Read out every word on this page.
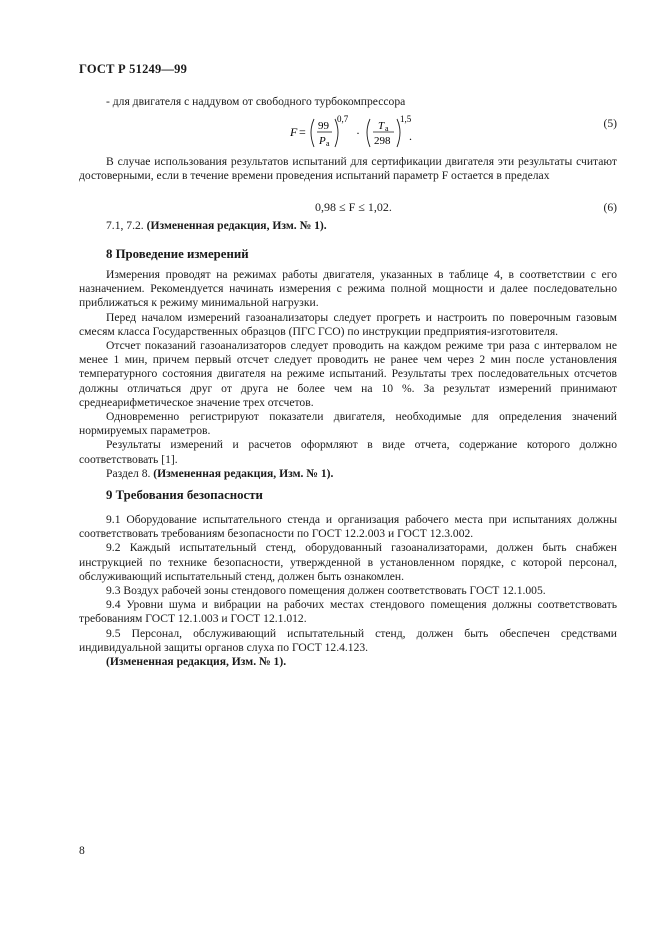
ГОСТ Р 51249—99

- для двигателя с наддувом от свободного турбокомпрессора

F = 99
P a
0,7
· T a
298
1,5
.
(5)

В случае использования результатов испытаний для сертификации двигателя эти результаты считают достоверными, если в течение времени проведения испытаний параметр F остается в пределах

0,98 ≤ F ≤ 1,02.	(6)

7.1, 7.2. (Измененная редакция, Изм. № 1).

8 Проведение измерений

Измерения проводят на режимах работы двигателя, указанных в таблице 4, в соответствии с его назначением. Рекомендуется начинать измерения с режима полной мощности и далее последовательно приближаться к режиму минимальной нагрузки.

Перед началом измерений газоанализаторы следует прогреть и настроить по поверочным газовым смесям класса Государственных образцов (ПГС ГСО) по инструкции предприятия-изготовителя.

Отсчет показаний газоанализаторов следует проводить на каждом режиме три раза с интервалом не менее 1 мин, причем первый отсчет следует проводить не ранее чем через 2 мин после установления температурного состояния двигателя на режиме испытаний. Результаты трех последовательных отсчетов должны отличаться друг от друга не более чем на 10 %. За результат измерений принимают среднеарифметическое значение трех отсчетов.

Одновременно регистрируют показатели двигателя, необходимые для определения значений нормируемых параметров.

Результаты измерений и расчетов оформляют в виде отчета, содержание которого должно соответствовать [1].

Раздел 8. (Измененная редакция, Изм. № 1).

9 Требования безопасности

9.1 Оборудование испытательного стенда и организация рабочего места при испытаниях должны соответствовать требованиям безопасности по ГОСТ 12.2.003 и ГОСТ 12.3.002.

9.2 Каждый испытательный стенд, оборудованный газоанализаторами, должен быть снабжен инструкцией по технике безопасности, утвержденной в установленном порядке, с которой персонал, обслуживающий испытательный стенд, должен быть ознакомлен.

9.3 Воздух рабочей зоны стендового помещения должен соответствовать ГОСТ 12.1.005.

9.4 Уровни шума и вибрации на рабочих местах стендового помещения должны соответствовать требованиям ГОСТ 12.1.003 и ГОСТ 12.1.012.

9.5 Персонал, обслуживающий испытательный стенд, должен быть обеспечен средствами индивидуальной защиты органов слуха по ГОСТ 12.4.123.

(Измененная редакция, Изм. № 1).

8
